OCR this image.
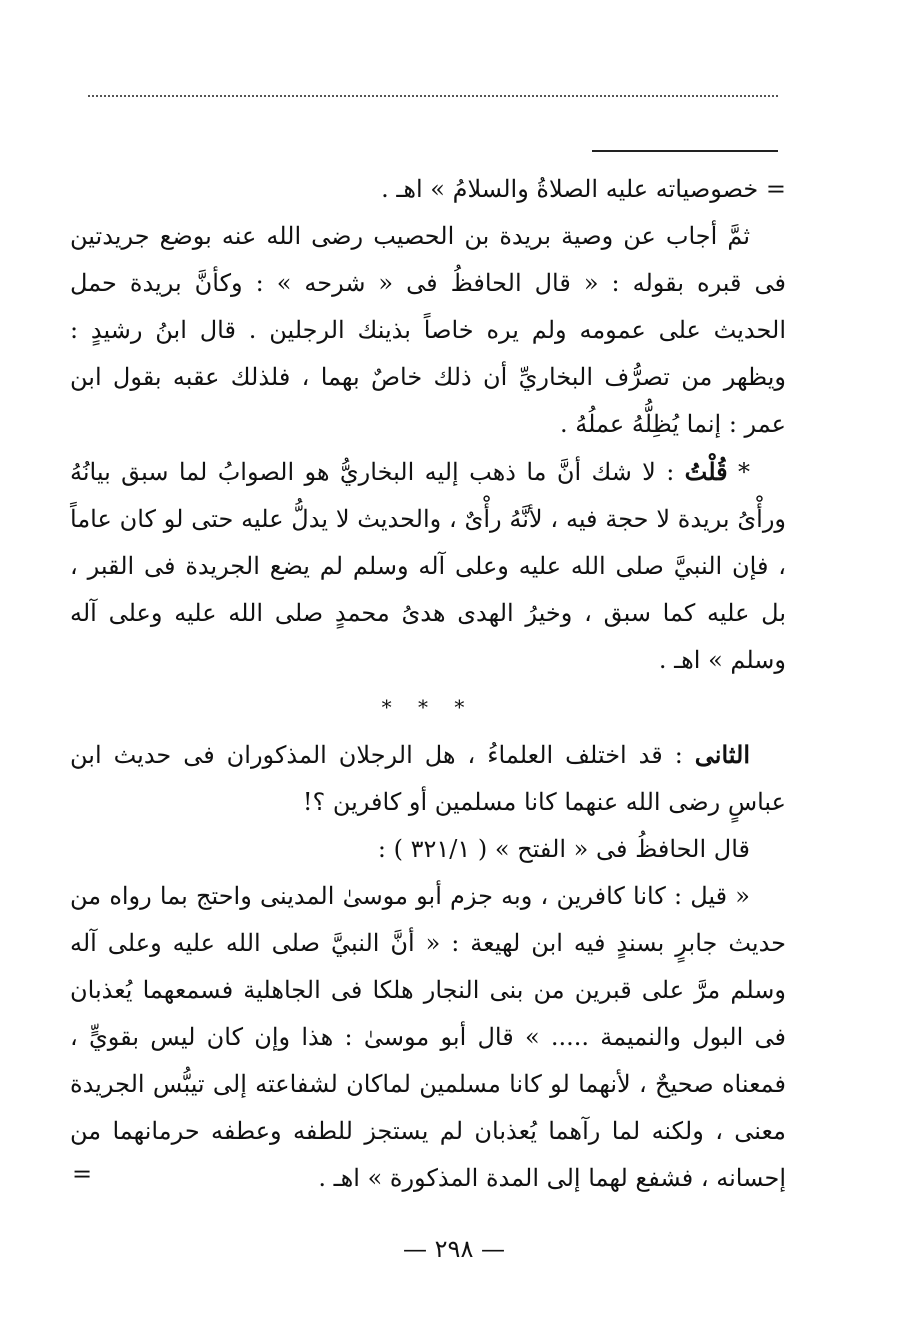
= خصوصياته عليه الصلاةُ والسلامُ » اهـ .

ثمَّ أجاب عن وصية بريدة بن الحصيب رضى الله عنه بوضع جريدتين فى قبره بقوله : « قال الحافظُ فى « شرحه » : وكأنَّ بريدة حمل الحديث على عمومه ولم يره خاصاً بذينك الرجلين . قال ابنُ رشيدٍ : ويظهر من تصرُّف البخاريِّ أن ذلك خاصٌ بهما ، فلذلك عقبه بقول ابن عمر : إنما يُظِلُّهُ عملُهُ .

* قُلْتُ : لا شك أنَّ ما ذهب إليه البخاريُّ هو الصوابُ لما سبق بيانُهُ ورأْىُ بريدة لا حجة فيه ، لأنَّهُ رأْىٌ ، والحديث لا يدلُّ عليه حتى لو كان عاماً ، فإن النبيَّ صلى الله عليه وعلى آله وسلم لم يضع الجريدة فى القبر ، بل عليه كما سبق ، وخيرُ الهدى هدىُ محمدٍ صلى الله عليه وعلى آله وسلم » اهـ .

* * *

الثانى : قد اختلف العلماءُ ، هل الرجلان المذكوران فى حديث ابن عباسٍ رضى الله عنهما كانا مسلمين أو كافرين ؟!

قال الحافظُ فى « الفتح » ( ٣٢١/١ ) :

« قيل : كانا كافرين ، وبه جزم أبو موسىٰ المدينى واحتج بما رواه من حديث جابرٍ بسندٍ فيه ابن لهيعة : « أنَّ النبيَّ صلى الله عليه وعلى آله وسلم مرَّ على قبرين من بنى النجار هلكا فى الجاهلية فسمعهما يُعذبان فى البول والنميمة ..... » قال أبو موسىٰ : هذا وإن كان ليس بقويٍّ ، فمعناه صحيحٌ ، لأنهما لو كانا مسلمين لماكان لشفاعته إلى تيبُّس الجريدة معنى ، ولكنه لما رآهما يُعذبان لم يستجز للطفه وعطفه حرمانهما من إحسانه ، فشفع لهما إلى المدة المذكورة » اهـ .

=
— ٢٩٨ —
